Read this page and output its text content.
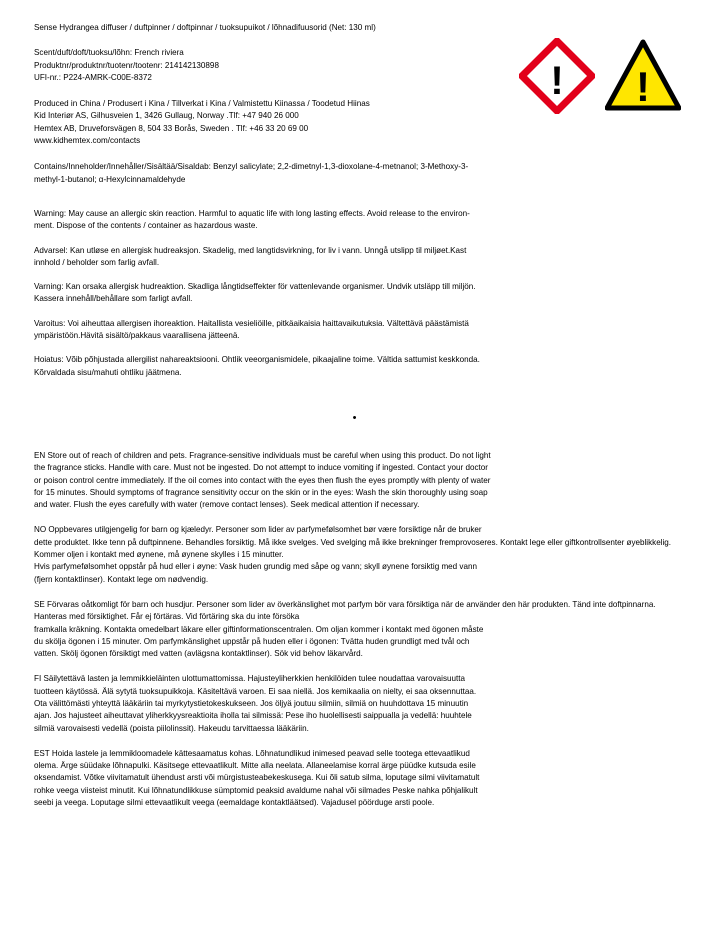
! !

Sense Hydrangea diffuser / duftpinner / doftpinnar / tuoksupuikot / lõhnadifuusorid (Net: 130 ml)

Scent/duft/doft/tuoksu/lõhn: French riviera

Produktnr/produktnr/tuotenr/tootenr: 214142130898

UFI-nr.: P224-AMRK-C00E-8372

Produced in China / Produsert i Kina / Tillverkat i Kina / Valmistettu Kiinassa / Toodetud Hiinas

Kid Interiør AS, Gilhusveien 1, 3426 Gullaug, Norway .Tlf: +47 940 26 000

Hemtex AB, Druveforsvägen 8, 504 33 Borås, Sweden . Tlf: +46 33 20 69 00

www.kidhemtex.com/contacts

Contains/Inneholder/Innehåller/Sisältää/Sisaldab: Benzyl salicylate; 2,2-dimetnyl-1,3-dioxolane-4-metnanol; 3-Methoxy-3-methyl-1-butanol; α-Hexylcinnamaldehyde

Warning: May cause an allergic skin reaction. Harmful to aquatic life with long lasting effects. Avoid release to the environ-

ment. Dispose of the contents / container as hazardous waste.

Advarsel: Kan utløse en allergisk hudreaksjon. Skadelig, med langtidsvirkning, for liv i vann. Unngå utslipp til miljøet.Kast

innhold / beholder som farlig avfall.

Varning: Kan orsaka allergisk hudreaktion. Skadliga långtidseffekter för vattenlevande organismer. Undvik utsläpp till miljön.

Kassera innehåll/behållare som farligt avfall.

Varoitus: Voi aiheuttaa allergisen ihoreaktion. Haitallista vesieliöille, pitkäaikaisia haittavaikutuksia. Vältettävä päästämistä

ympäristöön.Hävitä sisältö/pakkaus vaarallisena jätteenä.

Hoiatus: Võib põhjustada allergilist nahareaktsiooni. Ohtlik veeorganismidele, pikaajaline toime. Vältida sattumist keskkonda.

Kõrvaldada sisu/mahuti ohtliku jäätmena.

•

EN Store out of reach of children and pets. Fragrance-sensitive individuals must be careful when using this product. Do not light

the fragrance sticks. Handle with care. Must not be ingested. Do not attempt to induce vomiting if ingested. Contact your doctor

or poison control centre immediately. If the oil comes into contact with the eyes then flush the eyes promptly with plenty of water

for 15 minutes. Should symptoms of fragrance sensitivity occur on the skin or in the eyes: Wash the skin thoroughly using soap

and water. Flush the eyes carefully with water (remove contact lenses). Seek medical attention if necessary.

NO Oppbevares utilgjengelig for barn og kjæledyr. Personer som lider av parfymefølsomhet bør være forsiktige når de bruker

dette produktet. Ikke tenn på duftpinnene. Behandles forsiktig. Må ikke svelges. Ved svelging må ikke brekninger fremprovoseres. Kontakt lege eller giftkontrollsenter øyeblikkelig. Kommer oljen i kontakt med øynene, må øynene skylles i 15 minutter.

Hvis parfymefølsomhet oppstår på hud eller i øyne: Vask huden grundig med såpe og vann; skyll øynene forsiktig med vann

(fjern kontaktlinser). Kontakt lege om nødvendig.

SE Förvaras oåtkomligt för barn och husdjur. Personer som lider av överkänslighet mot parfym bör vara försiktiga när de använder den här produkten. Tänd inte doftpinnarna. Hanteras med försiktighet. Får ej förtäras. Vid förtäring ska du inte försöka

framkalla kräkning. Kontakta omedelbart läkare eller giftinformationscentralen. Om oljan kommer i kontakt med ögonen måste

du skölja ögonen i 15 minuter. Om parfymkänslighet uppstår på huden eller i ögonen: Tvätta huden grundligt med tvål och

vatten. Skölj ögonen försiktigt med vatten (avlägsna kontaktlinser). Sök vid behov läkarvård.

FI Säilytettävä lasten ja lemmikkieläinten ulottumattomissa. Hajusteyliherkkien henkilöiden tulee noudattaa varovaisuutta

tuotteen käytössä. Älä sytytä tuoksupuikkoja. Käsiteltävä varoen. Ei saa niellä. Jos kemikaalia on nielty, ei saa oksennuttaa.

Ota välittömästi yhteyttä lääkäriin tai myrkytystietokeskukseen. Jos öljyä joutuu silmiin, silmiä on huuhdottava 15 minuutin

ajan. Jos hajusteet aiheuttavat yliherkkyysreaktioita iholla tai silmissä: Pese iho huolellisesti saippualla ja vedellä: huuhtele

silmiä varovaisesti vedellä (poista piilolinssit). Hakeudu tarvittaessa lääkäriin.

EST Hoida lastele ja lemmikloomadele kättesaamatus kohas. Lõhnatundlikud inimesed peavad selle tootega ettevaatlikud

olema. Ärge süüdake lõhnapulki. Käsitsege ettevaatlikult. Mitte alla neelata. Allaneelamise korral ärge püüdke kutsuda esile

oksendamist. Võtke viivitamatult ühendust arsti või mürgistusteabekeskusega. Kui õli satub silma, loputage silmi viivitamatult

rohke veega viisteist minutit. Kui lõhnatundlikkuse sümptomid peaksid avaldume nahal või silmades Peske nahka põhjalikult

seebi ja veega. Loputage silmi ettevaatlikult veega (eemaldage kontaktläätsed). Vajadusel pöörduge arsti poole.
